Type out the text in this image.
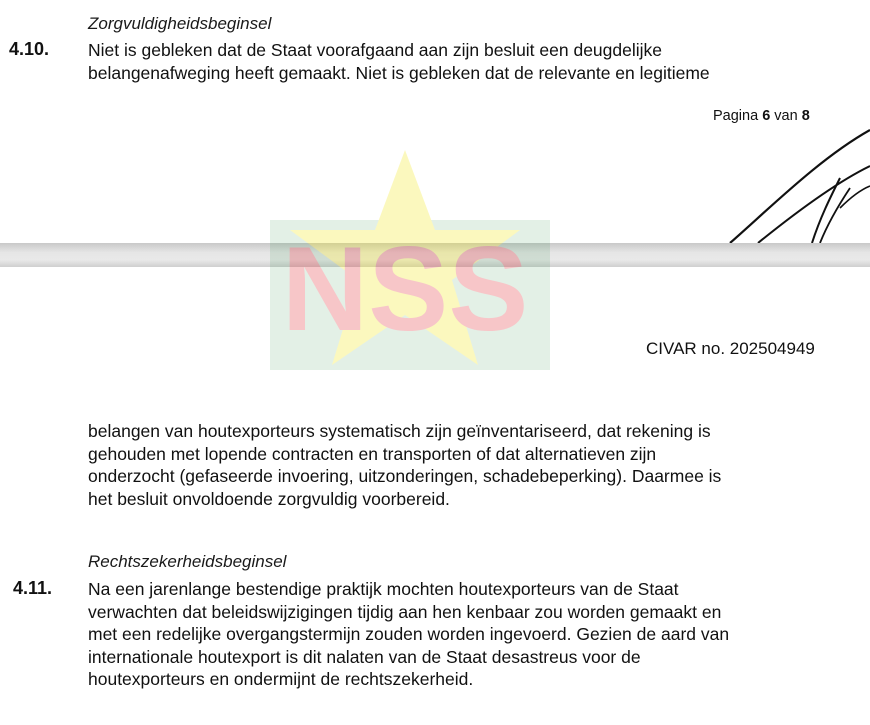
Zorgvuldigheidsbeginsel
4.10. Niet is gebleken dat de Staat voorafgaand aan zijn besluit een deugdelijke
belangenafweging heeft gemaakt. Niet is gebleken dat de relevante en legitieme
Pagina 6 van 8
CIVAR no. 202504949
belangen van houtexporteurs systematisch zijn geïnventariseerd, dat rekening is
gehouden met lopende contracten en transporten of dat alternatieven zijn
onderzocht (gefaseerde invoering, uitzonderingen, schadebeperking). Daarmee is
het besluit onvoldoende zorgvuldig voorbereid.
Rechtszekerheidsbeginsel
4.11. Na een jarenlange bestendige praktijk mochten houtexporteurs van de Staat
verwachten dat beleidswijzigingen tijdig aan hen kenbaar zou worden gemaakt en
met een redelijke overgangstermijn zouden worden ingevoerd. Gezien de aard van
internationale houtexport is dit nalaten van de Staat desastreus voor de
houtexporteurs en ondermijnt de rechtszekerheid.
NSS
